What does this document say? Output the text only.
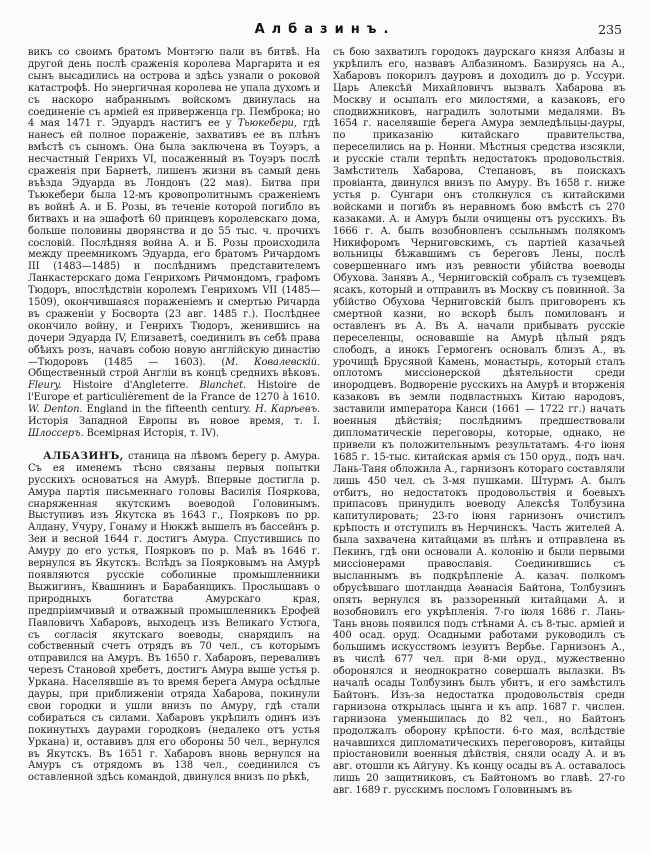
Албазинъ.	235

викъ со своимъ братомъ Монтэгю пали въ битвѣ. На другой день послѣ сраженія королева Маргарита и ея сынъ высадились на острова и здѣсь узнали о роковой катастрофѣ. Но энергичная королева не упала духомъ и съ наскоро набраннымъ войскомъ двинулась на соединеніе съ арміей ея приверженца гр. Пемброка; но 4 мая 1471 г. Эдуардъ настигъ ее у Тьюкебери, гдѣ нанесъ ей полное пораженіе, захвативъ ее въ плѣнъ вмѣстѣ съ сыномъ. Она была заключена въ Тоуэръ, а несчастный Генрихъ VI, посаженный въ Тоуэръ послѣ сраженія при Барнетѣ, лишенъ жизни въ самый день въѣзда Эдуарда въ Лондонъ (22 мая). Битва при Тьюкебери была 12-мъ кровопролитнымъ сраженіемъ въ войнѣ А. и Б. Розы, въ теченіе которой погибло въ битвахъ и на эшафотѣ 60 принцевъ королевскаго дома, больше половины дворянства и до 55 тыс. ч. прочихъ сословій. Послѣдняя война А. и Б. Розы происходила между преемникомъ Эдуарда, его братомъ Ричардомъ III (1483—1485) и послѣднимъ представителемъ Ланкастерскаго дома Генрихомъ Ричмондомъ, графомъ Тюдоръ, впослѣдствіи королемъ Генрихомъ VII (1485—1509), окончившаяся пораженіемъ и смертью Ричарда въ сраженіи у Босворта (23 авг. 1485 г.). Послѣднее окончило войну, и Генрихъ Тюдоръ, женившись на дочери Эдуарда IV, Елизаветѣ, соединилъ въ себѣ права обѣихъ розъ, начавъ собою новую англійскую династію—Тюдоровъ (1485 — 1603). (М. Ковалевскій. Общественный строй Англіи въ концѣ среднихъ вѣковъ. Fleury. Histoire d'Angleterre. Blanchet. Histoire de l'Europe et particulièrement de la France de 1270 à 1610. W. Denton. England in the fifteenth century. Н. Карѣевъ. Исторія Западной Европы въ новое время, т. I. Шлоссеръ. Всемірная Исторія, т. IV).

АЛБАЗИНЪ, станица на лѣвомъ берегу р. Амура. Съ ея именемъ тѣсно связаны первыя попытки русскихъ основаться на Амурѣ. Впервые достигла р. Амура партія письменнаго головы Василія Пояркова, снаряженная якутскимъ воеводой Головинымъ. Выступивъ изъ Якутска въ 1643 г., Поярковъ по рр. Алдану, Учуру, Гонаму и Нюкжѣ вышелъ въ бассейнъ р. Зеи и весной 1644 г. достигъ Амура. Спустившись по Амуру до его устья, Поярковъ по р. Маѣ въ 1646 г. вернулся въ Якутскъ. Вслѣдъ за Поярковымъ на Амурѣ появляются русскіе соболиные промышленники Выжигинъ, Квашнинъ и Барабанщикъ. Прослышавъ о природныхъ богатства Амурскаго края, предпріимчивый и отважный промышленникъ Ерофей Павловичъ Хабаровъ, выходецъ изъ Великаго Устюга, съ согласія якутскаго воеводы, снарядилъ на собственный счетъ отрядъ въ 70 чел., съ которымъ отправился на Амуръ. Въ 1650 г. Хабаровъ, переваливъ черезъ Становой хребетъ, достигъ Амура выше устья р. Уркана. Населявшіе въ то время берега Амура осѣдлые дауры, при приближеніи отряда Хабарова, покинули свои городки и ушли внизъ по Амуру, гдѣ стали собираться съ силами. Хабаровъ укрѣпилъ одинъ изъ покинутыхъ даурами городковъ (недалеко отъ устья Уркана) и, оставивъ для его обороны 50 чел., вернулся въ Якутскъ. Въ 1651 г. Хабаровъ вновь вернулся на Амуръ съ отрядомъ въ 138 чел., соединился съ оставленной здѣсь командой, двинулся внизъ по рѣкѣ,

съ бою захватилъ городокъ даурскаго князя Албазы и укрѣпилъ его, назвавъ Албазиномъ. Базируясь на А., Хабаровъ покорилъ дауровъ и доходилъ до р. Уссури. Царь Алексѣй Михайловичъ вызвалъ Хабарова въ Москву и осыпалъ его милостями, а казаковъ, его сподвижниковъ, наградилъ золотыми медалями. Въ 1654 г. населявшіе берега Амура земледѣльцы-дауры, по приказанію китайскаго правительства, переселились на р. Нонни. Мѣстныя средства изсякли, и русскіе стали терпѣть недостатокъ продовольствія. Замѣститель Хабарова, Степановъ, въ поискахъ провіанта, двинулся внизъ по Амуру. Въ 1658 г. ниже устья р. Сунгари онъ столкнулся съ китайскими войсками и погибъ въ неравномъ бою вмѣстѣ съ 270 казаками. А. и Амуръ были очищены отъ русскихъ. Въ 1666 г. А. былъ возобновленъ ссыльнымъ полякомъ Никифоромъ Черниговскимъ, съ партіей казачьей вольницы бѣжавшимъ съ береговъ Лены, послѣ совершеннаго имъ изъ ревности убійства воеводы Обухова. Занявъ А., Черниговскій собралъ съ туземцевъ ясакъ, который и отправилъ въ Москву съ повинной. За убійство Обухова Черниговскій былъ приговоренъ къ смертной казни, но вскорѣ былъ помилованъ и оставленъ въ А. Въ А. начали прибывать русскіе переселенцы, основавшіе на Амурѣ цѣлый рядъ слободъ, а инокъ Гермогенъ основалъ близъ А., въ урочищѣ Брусяной Камень, монастырь, который сталъ оплотомъ миссіонерской дѣятельности среди инородцевъ. Водвореніе русскихъ на Амурѣ и вторженія казаковъ въ земли подвластныхъ Китаю народовъ, заставили императора Канси (1661 — 1722 гг.) начать военныя дѣйствія; послѣднимъ предшествовали дипломатическіе переговоры, которые, однако, не привели къ положительнымъ результатамъ. 4-го іюня 1685 г. 15-тыс. китайская армія съ 150 оруд., подъ нач. Лань-Таня обложила А., гарнизонъ котораго составляли лишь 450 чел. съ 3-мя пушками. Штурмъ А. былъ отбитъ, но недостатокъ продовольствія и боевыхъ припасовъ принудилъ воеводу Алексѣя Толбузина капитулировать; 23-го іюня гарнизонъ очистилъ крѣпость и отступилъ въ Нерчинскъ. Часть жителей А. была захвачена китайцами въ плѣнъ и отправлена въ Пекинъ, гдѣ они основали А. колонію и были первыми миссіонерами православія. Соединившись съ высланнымъ въ подкрѣпленіе А. казач. полкомъ обрусѣвшаго шотландца Аѳанасія Байтона, Толбузинъ опять вернулся въ раззоренный китайцами А. и возобновилъ его укрѣпленія. 7-го іюля 1686 г. Лань-Тань вновь появился подъ стѣнами А. съ 8-тыс. арміей и 400 осад. оруд. Осадными работами руководилъ съ большимъ искусствомъ іезуитъ Вербье. Гарнизонъ А., въ числѣ 677 чел. при 8-ми оруд., мужественно оборонялся и неоднократно совершалъ вылазки. Въ началѣ осады Толбузинъ былъ убитъ, и его замѣстилъ Байтонъ. Изъ-за недостатка продовольствія среди гарнизона открылась цынга и къ апр. 1687 г. числен. гарнизона уменьшилась до 82 чел., но Байтонъ продолжалъ оборону крѣпости. 6-го мая, вслѣдствіе начавшихся дипломатическихъ переговоровъ, китайцы пріостановили военныя дѣйствія, сняли осаду А. и въ авг. отошли къ Айгуну. Къ концу осады въ А. оставалось лишь 20 защитниковъ, съ Байтономъ во главѣ. 27-го авг. 1689 г. русскимъ посломъ Головинымъ въ
